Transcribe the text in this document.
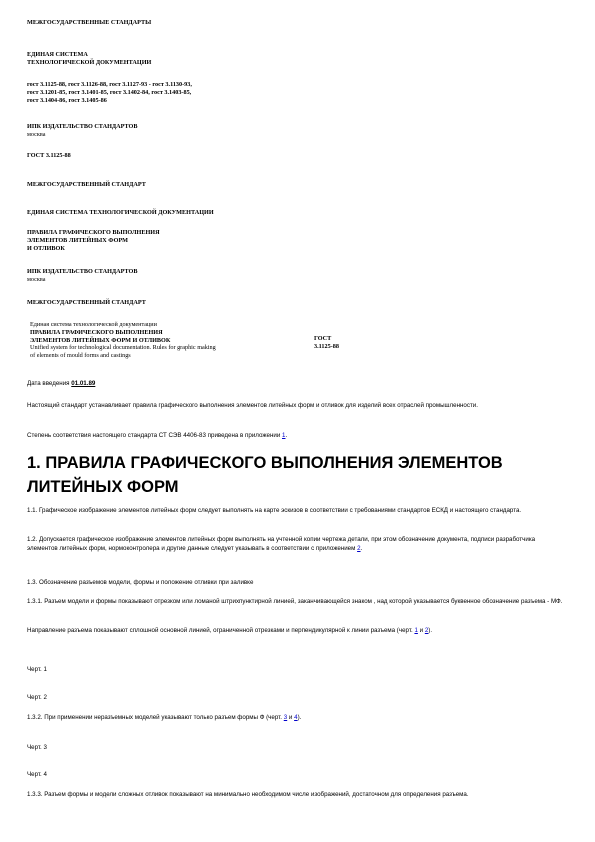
МЕЖГОСУДАРСТВЕННЫЕ СТАНДАРТЫ
ЕДИНАЯ СИСТЕМА
ТЕХНОЛОГИЧЕСКОЙ ДОКУМЕНТАЦИИ
гост 3.1125-88, гост 3.1126-88, гост 3.1127-93 - гост 3.1130-93,
гост 3.1201-85, гост 3.1401-85, гост 3.1402-84, гост 3.1403-85,
гост 3.1404-86, гост 3.1405-86
ИПК ИЗДАТЕЛЬСТВО СТАНДАРТОВ
москва
ГОСТ 3.1125-88
МЕЖГОСУДАРСТВЕННЫЙ СТАНДАРТ
ЕДИНАЯ СИСТЕМА ТЕХНОЛОГИЧЕСКОЙ ДОКУМЕНТАЦИИ
ПРАВИЛА ГРАФИЧЕСКОГО ВЫПОЛНЕНИЯ
ЭЛЕМЕНТОВ ЛИТЕЙНЫХ ФОРМ
И ОТЛИВОК
ИПК ИЗДАТЕЛЬСТВО СТАНДАРТОВ
москва
МЕЖГОСУДАРСТВЕННЫЙ СТАНДАРТ
Единая система технологической документации
ПРАВИЛА ГРАФИЧЕСКОГО ВЫПОЛНЕНИЯ
ЭЛЕМЕНТОВ ЛИТЕЙНЫХ ФОРМ И ОТЛИВОК
Unified system for technological documentation. Rules for graphic making
of elements of mould forms and castings
ГОСТ
3.1125-88
Дата введения 01.01.89
Настоящий стандарт устанавливает правила графического выполнения элементов литейных форм и отливок для изделий всех отраслей промышленности.
Степень соответствия настоящего стандарта СТ СЭВ 4406-83 приведена в приложении 1.
1. ПРАВИЛА ГРАФИЧЕСКОГО ВЫПОЛНЕНИЯ ЭЛЕМЕНТОВ
ЛИТЕЙНЫХ ФОРМ
1.1. Графическое изображение элементов литейных форм следует выполнять на карте эскизов в соответствии с требованиями стандартов ЕСКД и настоящего стандарта.
1.2. Допускается графическое изображение элементов литейных форм выполнять на учтенной копии чертежа детали, при этом обозначение документа, подписи разработчика элементов литейных форм, нормоконтролера и другие данные следует указывать в соответствии с приложением 2.
1.3. Обозначение разъемов модели, формы и положение отливки при заливке
1.3.1. Разъем модели и формы показывают отрезком или ломаной штрихпунктирной линией, заканчивающейся знаком , над которой указывается буквенное обозначение разъема - МФ.
Направление разъема показывают сплошной основной линией, ограниченной отрезками и перпендикулярной к линии разъема (черт. 1 и 2).
Черт. 1
Черт. 2
1.3.2. При применении неразъемных моделей указывают только разъем формы Ф (черт. 3 и 4).
Черт. 3
Черт. 4
1.3.3. Разъем формы и модели сложных отливок показывают на минимально необходимом числе изображений, достаточном для определения разъема.
